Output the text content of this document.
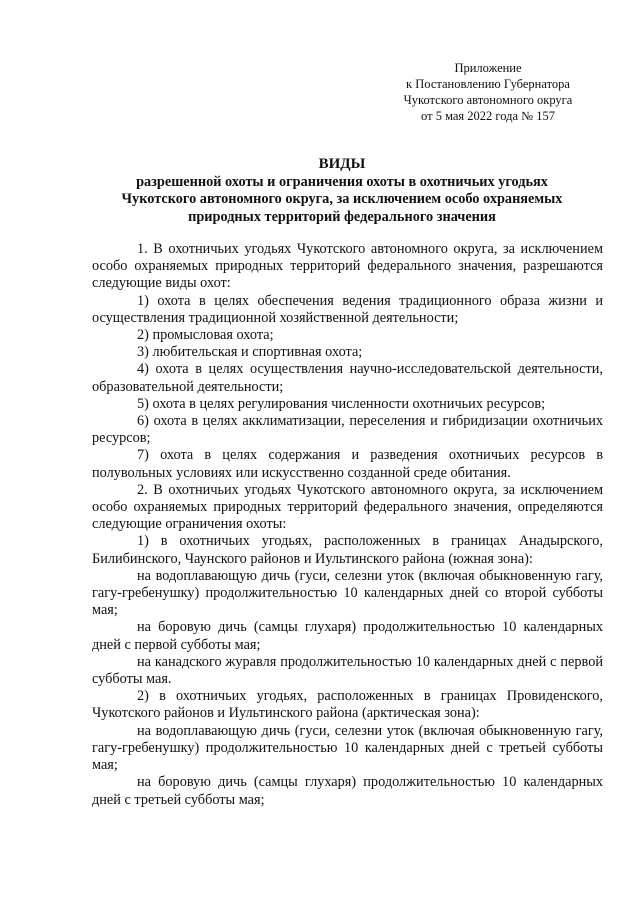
Приложение
к Постановлению Губернатора
Чукотского автономного округа
от 5 мая 2022 года № 157
ВИДЫ
разрешенной охоты и ограничения охоты в охотничьих угодьях
Чукотского автономного округа, за исключением особо охраняемых
природных территорий федерального значения

1. В охотничьих угодьях Чукотского автономного округа, за исключением особо охраняемых природных территорий федерального значения, разрешаются следующие виды охот:

1) охота в целях обеспечения ведения традиционного образа жизни и осуществления традиционной хозяйственной деятельности;

2) промысловая охота;

3) любительская и спортивная охота;

4) охота в целях осуществления научно-исследовательской деятельности, образовательной деятельности;

5) охота в целях регулирования численности охотничьих ресурсов;

6) охота в целях акклиматизации, переселения и гибридизации охотничьих ресурсов;

7) охота в целях содержания и разведения охотничьих ресурсов в полувольных условиях или искусственно созданной среде обитания.

2. В охотничьих угодьях Чукотского автономного округа, за исключением особо охраняемых природных территорий федерального значения, определяются следующие ограничения охоты:

1) в охотничьих угодьях, расположенных в границах Анадырского, Билибинского, Чаунского районов и Иультинского района (южная зона):

на водоплавающую дичь (гуси, селезни уток (включая обыкновенную гагу, гагу-гребенушку) продолжительностью 10 календарных дней со второй субботы мая;

на боровую дичь (самцы глухаря) продолжительностью 10 календарных дней с первой субботы мая;

на канадского журавля продолжительностью 10 календарных дней с первой субботы мая.

2) в охотничьих угодьях, расположенных в границах Провиденского, Чукотского районов и Иультинского района (арктическая зона):

на водоплавающую дичь (гуси, селезни уток (включая обыкновенную гагу, гагу-гребенушку) продолжительностью 10 календарных дней с третьей субботы мая;

на боровую дичь (самцы глухаря) продолжительностью 10 календарных дней с третьей субботы мая;
